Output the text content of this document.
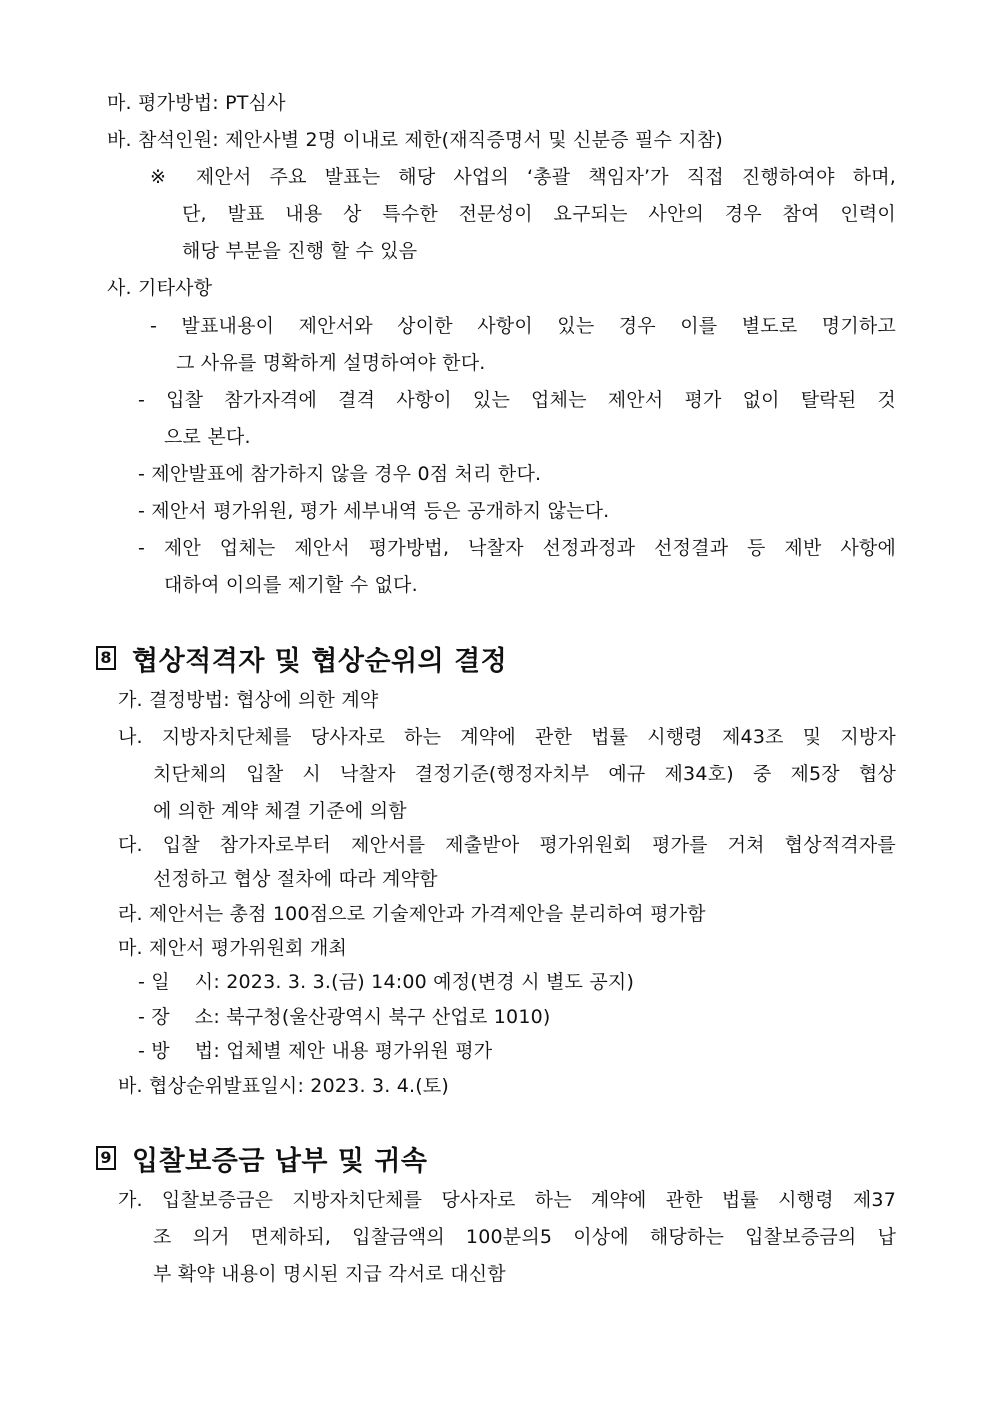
마. 평가방법: PT심사
바. 참석인원: 제안사별 2명 이내로 제한(재직증명서 및 신분증 필수 지참)
※ 제안서 주요 발표는 해당 사업의 ‘총괄 책임자’가 직접 진행하여야 하며,
단, 발표 내용 상 특수한 전문성이 요구되는 사안의 경우 참여 인력이
해당 부분을 진행 할 수 있음
사. 기타사항
- 발표내용이 제안서와 상이한 사항이 있는 경우 이를 별도로 명기하고
그 사유를 명확하게 설명하여야 한다.
- 입찰 참가자격에 결격 사항이 있는 업체는 제안서 평가 없이 탈락된 것
으로 본다.
- 제안발표에 참가하지 않을 경우 0점 처리 한다.
- 제안서 평가위원, 평가 세부내역 등은 공개하지 않는다.
- 제안 업체는 제안서 평가방법, 낙찰자 선정과정과 선정결과 등 제반 사항에
대하여 이의를 제기할 수 없다.
8 협상적격자 및 협상순위의 결정
가. 결정방법: 협상에 의한 계약
나. 지방자치단체를 당사자로 하는 계약에 관한 법률 시행령 제43조 및 지방자
치단체의 입찰 시 낙찰자 결정기준(행정자치부 예규 제34호) 중 제5장 협상
에 의한 계약 체결 기준에 의함
다. 입찰 참가자로부터 제안서를 제출받아 평가위원회 평가를 거쳐 협상적격자를
선정하고 협상 절차에 따라 계약함
라. 제안서는 총점 100점으로 기술제안과 가격제안을 분리하여 평가함
마. 제안서 평가위원회 개최
- 일    시: 2023. 3. 3.(금) 14:00 예정(변경 시 별도 공지)
- 장    소: 북구청(울산광역시 북구 산업로 1010)
- 방    법: 업체별 제안 내용 평가위원 평가
바. 협상순위발표일시: 2023. 3. 4.(토)
9 입찰보증금 납부 및 귀속
가. 입찰보증금은 지방자치단체를 당사자로 하는 계약에 관한 법률 시행령 제37
조 의거 면제하되, 입찰금액의 100분의5 이상에 해당하는 입찰보증금의 납
부 확약 내용이 명시된 지급 각서로 대신함
